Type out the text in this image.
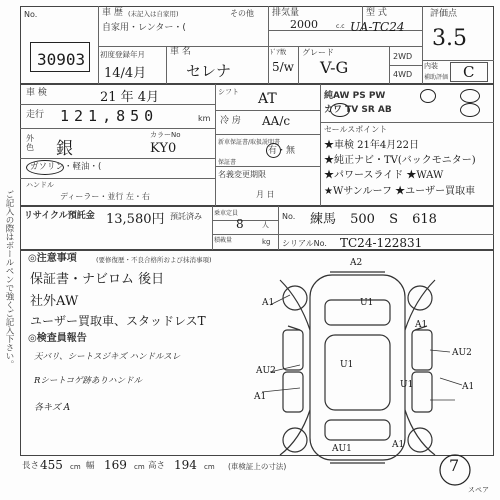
ご記入の際はボールペンで強くご記入下さい。
No.
30903
車 歴 (末記入は自家用)	その他
自家用・レンター・(
初度登録年月
14/4月
車 名
セレナ
排気量
2000	c.c
型 式
UA-TC24
ﾄﾞｱ数
5/w
グレード
V-G
2WD
4WD
評価点
3.5
内装
補助評価 C
車 検	21 年 4月
走行 121,850	km
外色 銀
カラーNo
KY0
ガソリン・軽油・(
ハンドル
ディーラー・並行 左・右
シフト AT
冷 房 AA/c
新車保証書/取扱説明書
有・無
保証書
名義変更期限
月 日
純AW PS PW
カワ TV SR AB
セールスポイント
★車検 21年4月22日
★純正ナビ・TV(バックモニター)
★パワースライド ★WAW
★Wサンルーフ ★ユーザー買取車
リサイクル預託金 13,580円 預託済み 乗車定員
8	人
積載量	kg
No. 練馬 500 S 618
シリアルNo. TC24-122831
◎注意事項	(要修復歴・不良合格所および抹消事項)
保証書・ナビロム 後日
社外AW
ユーザー買取車、スタッドレスT
◎検査員報告
天バリ、シートスジキズ ハンドルスレ
Rシートコゲ跡ありハンドル
各キズ A
A2
U1
A1
AU2
U1
A1
A1
AU2
U1
AU1
A1
A1
7
スペア
長さ 455 cm 幅 169 cm 高さ 194 cm (車検証上の寸法)
